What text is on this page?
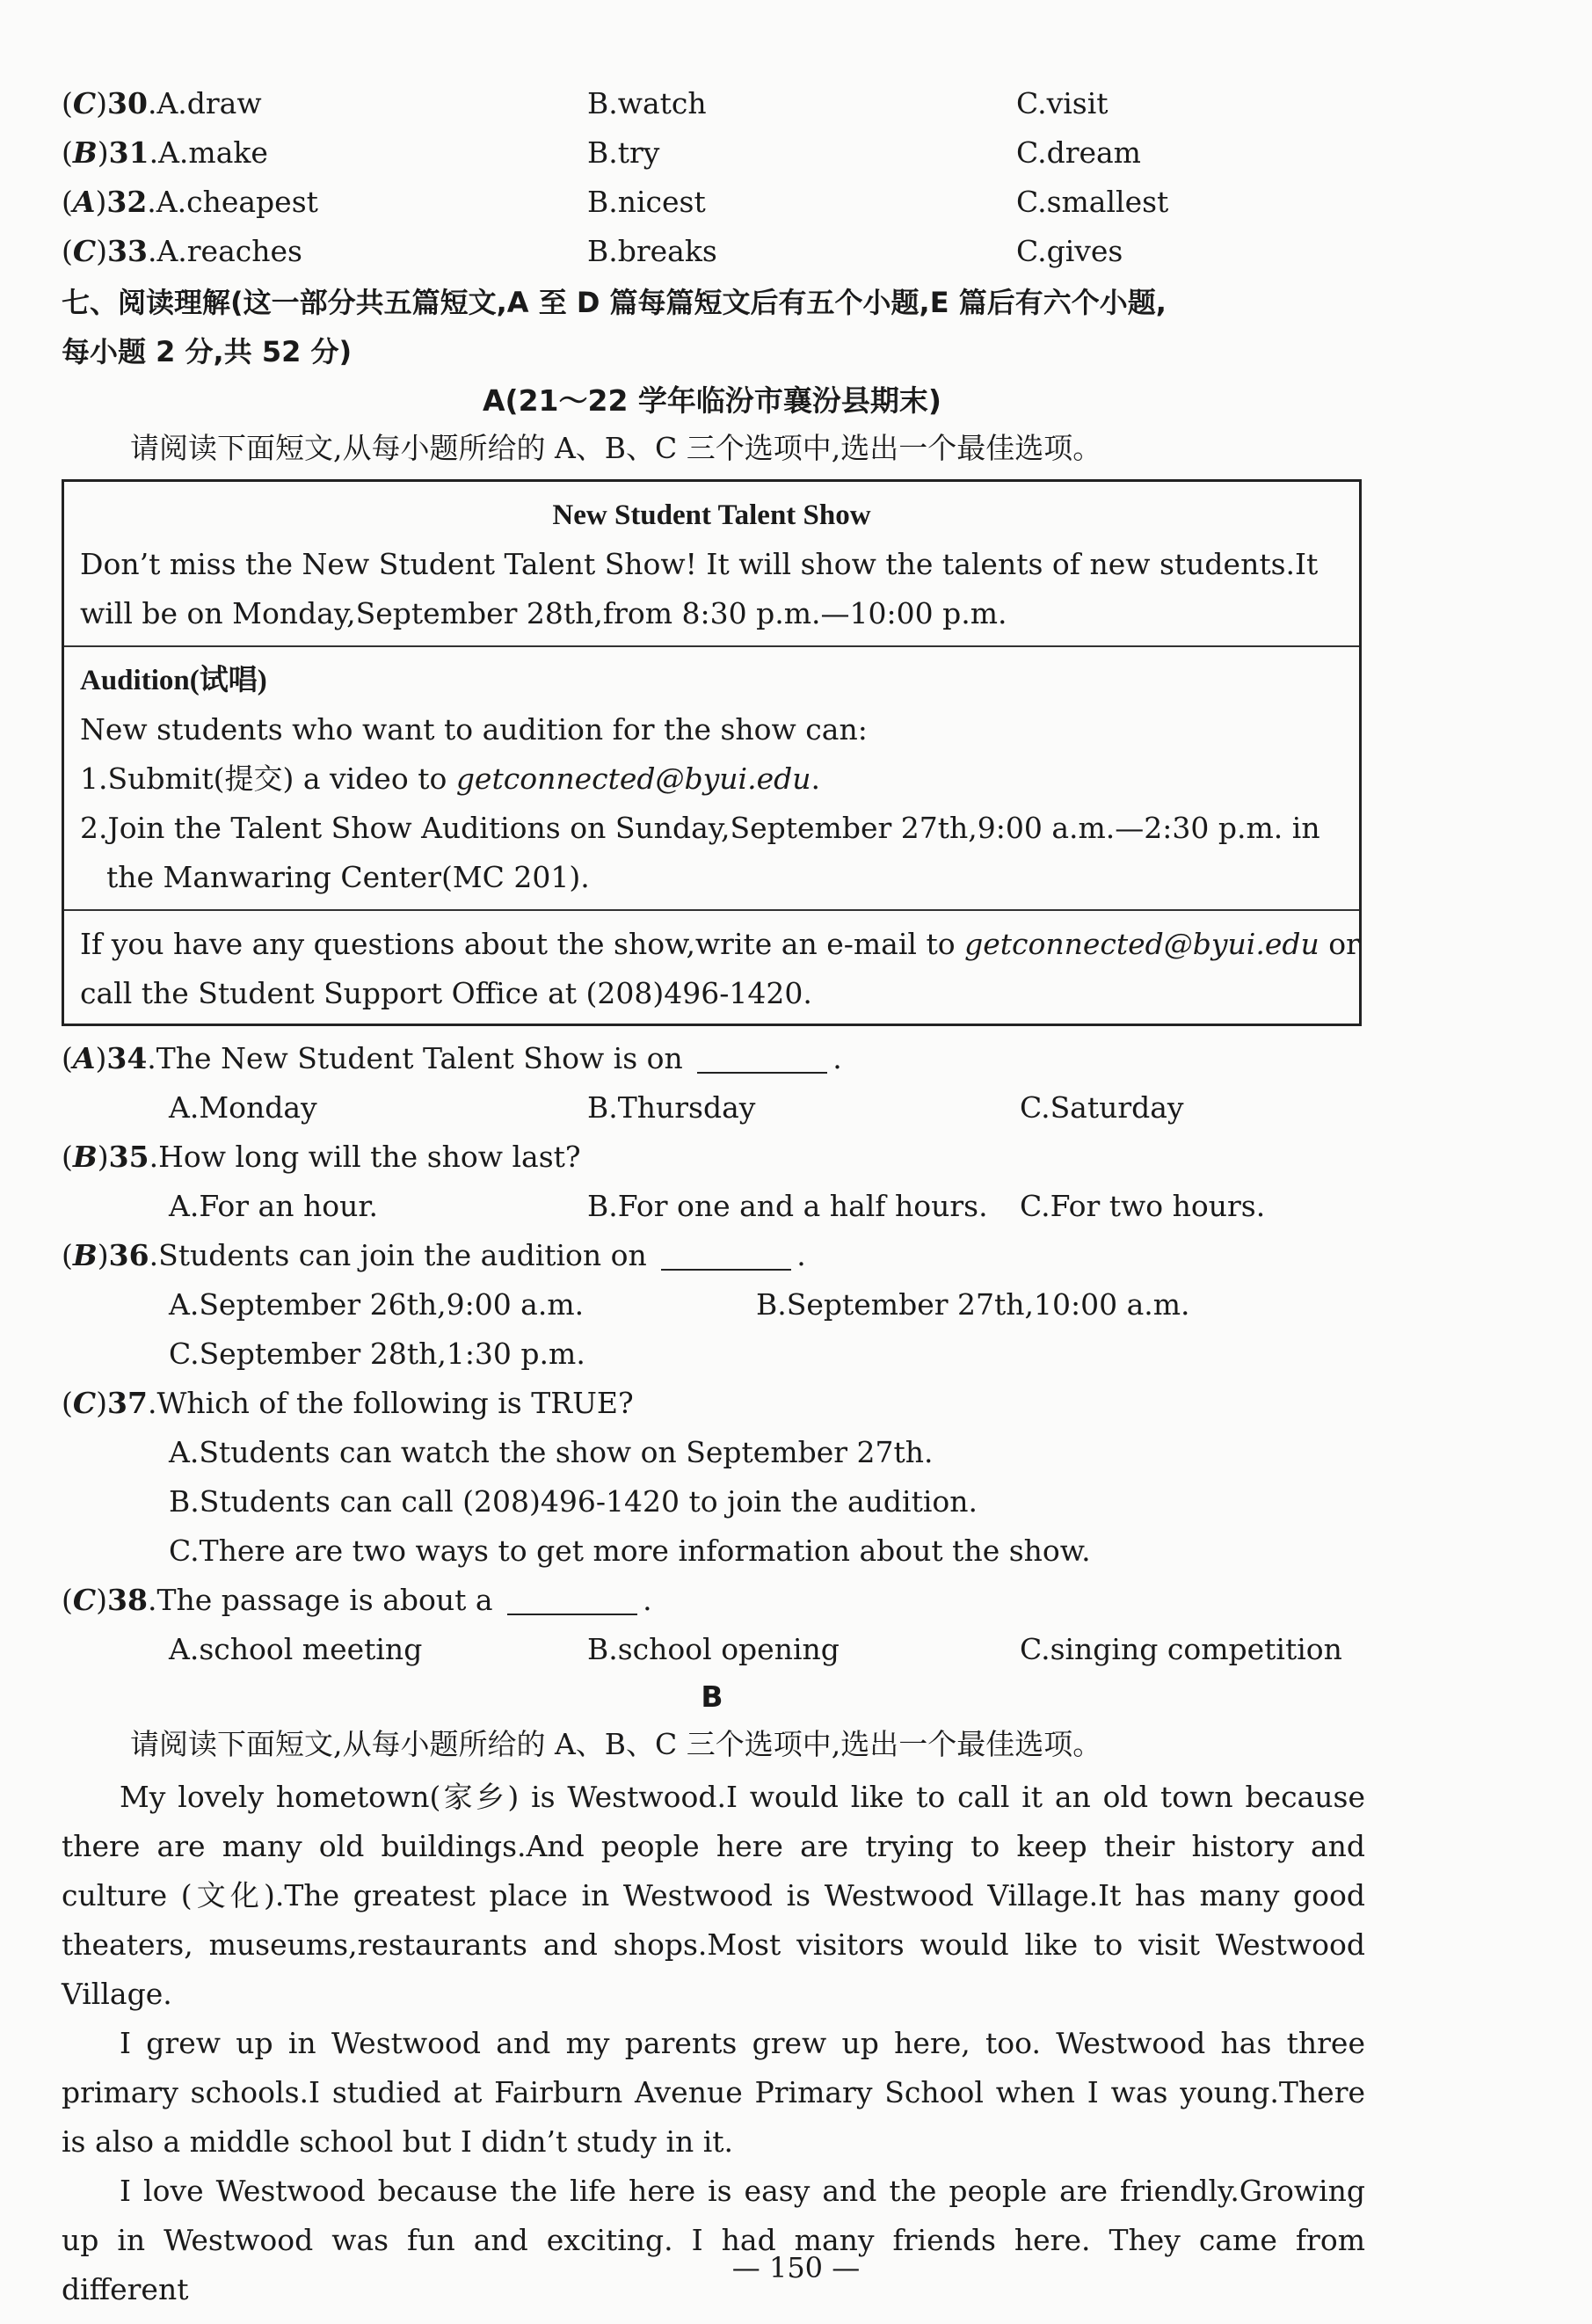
(C)30.A.draw	B.watch	C.visit
(B)31.A.make	B.try	C.dream
(A)32.A.cheapest	B.nicest	C.smallest
(C)33.A.reaches	B.breaks	C.gives
七、阅读理解(这一部分共五篇短文,A 至 D 篇每篇短文后有五个小题,E 篇后有六个小题,
每小题 2 分,共 52 分)
A(21～22 学年临汾市襄汾县期末)
请阅读下面短文,从每小题所给的 A、B、C 三个选项中,选出一个最佳选项。
New Student Talent Show
Don’t miss the New Student Talent Show! It will show the talents of new students.It
will be on Monday,September 28th,from 8:30 p.m.—10:00 p.m.
Audition(试唱)
New students who want to audition for the show can:
1.Submit(提交) a video to getconnected@byui.edu.
2.Join the Talent Show Auditions on Sunday,September 27th,9:00 a.m.—2:30 p.m. in
the Manwaring Center(MC 201).
If you have any questions about the show,write an e-mail to getconnected@byui.edu or
call the Student Support Office at (208)496-1420.
(A)34.The New Student Talent Show is on	.
A.Monday	B.Thursday	C.Saturday
(B)35.How long will the show last?
A.For an hour.	B.For one and a half hours. C.For two hours.
(B)36.Students can join the audition on	.
A.September 26th,9:00 a.m.	B.September 27th,10:00 a.m.
C.September 28th,1:30 p.m.
(C)37.Which of the following is TRUE?
A.Students can watch the show on September 27th.
B.Students can call (208)496-1420 to join the audition.
C.There are two ways to get more information about the show.
(C)38.The passage is about a	.
A.school meeting	B.school opening	C.singing competition
B
请阅读下面短文,从每小题所给的 A、B、C 三个选项中,选出一个最佳选项。

My lovely hometown(家乡) is Westwood.I would like to call it an old town because there are many old buildings.And people here are trying to keep their history and culture (文化).The greatest place in Westwood is Westwood Village.It has many good theaters, museums,restaurants and shops.Most visitors would like to visit Westwood Village.

I grew up in Westwood and my parents grew up here, too. Westwood has three primary schools.I studied at Fairburn Avenue Primary School when I was young.There is also a middle school but I didn’t study in it.

I love Westwood because the life here is easy and the people are friendly.Growing up in Westwood was fun and exciting. I had many friends here. They came from different

— 150 —
